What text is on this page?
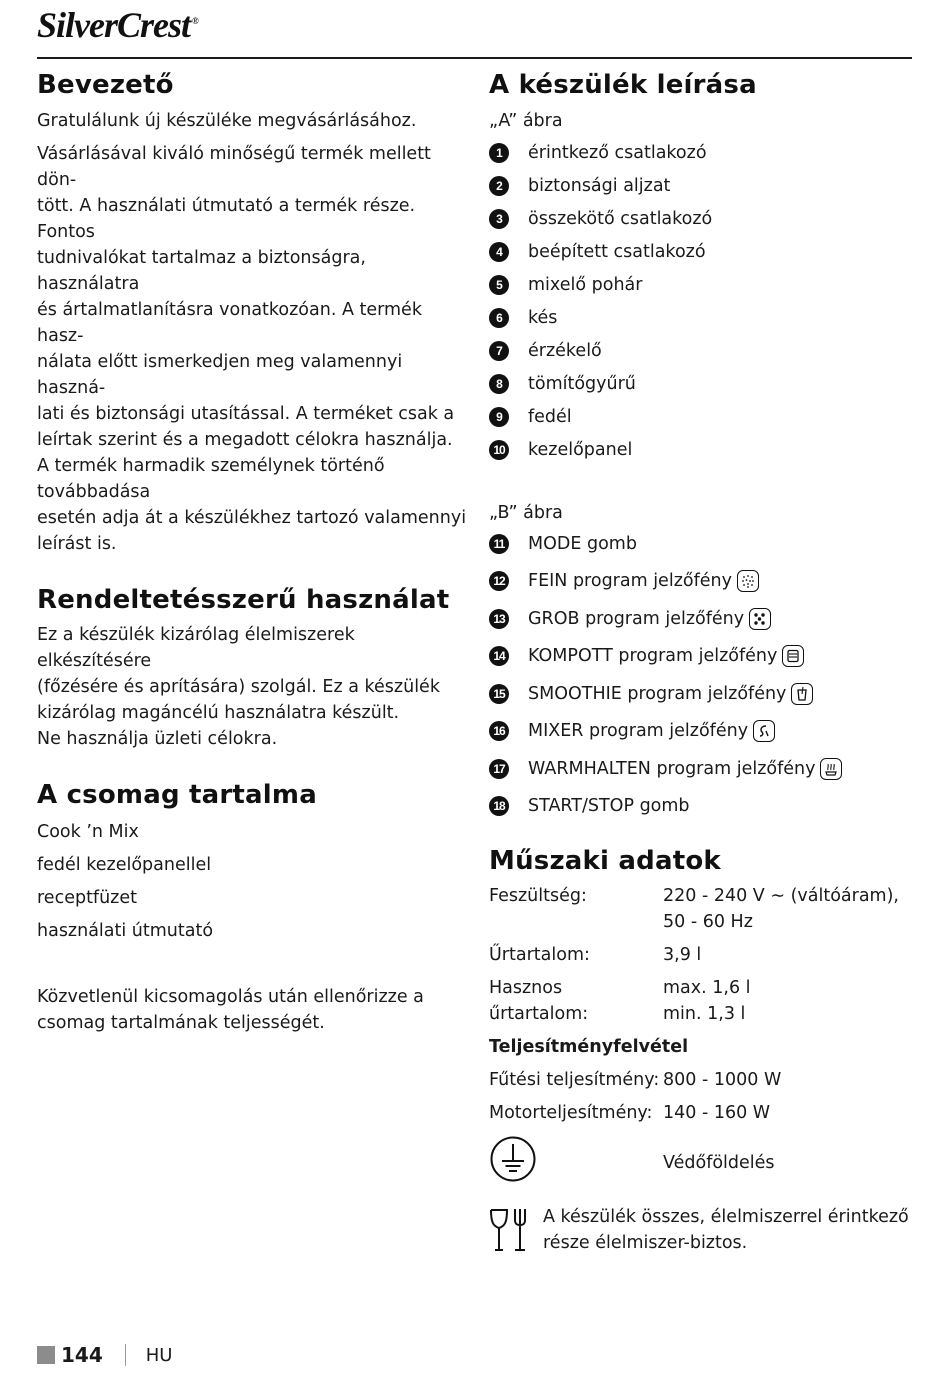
SilverCrest ®
Bevezető

Gratulálunk új készüléke megvásárlásához.

Vásárlásával kiváló minőségű termék mellett dön-

tött. A használati útmutató a termék része. Fontos

tudnivalókat tartalmaz a biztonságra, használatra

és ártalmatlanításra vonatkozóan. A termék hasz-

nálata előtt ismerkedjen meg valamennyi haszná-

lati és biztonsági utasítással. A terméket csak a

leírtak szerint és a megadott célokra használja.

A termék harmadik személynek történő továbbadása

esetén adja át a készülékhez tartozó valamennyi

leírást is.

Rendeltetésszerű használat

Ez a készülék kizárólag élelmiszerek elkészítésére

(főzésére és aprítására) szolgál. Ez a készülék

kizárólag magáncélú használatra készült.

Ne használja üzleti célokra.

A csomag tartalma

Cook ’n Mix

fedél kezelőpanellel

receptfüzet

használati útmutató

Közvetlenül kicsomagolás után ellenőrizze a

csomag tartalmának teljességét.

A készülék leírása

„A” ábra

1	érintkező csatlakozó
2	biztonsági aljzat
3	összekötő csatlakozó
4	beépített csatlakozó
5	mixelő pohár
6	kés
7	érzékelő
8	tömítőgyűrű
9	fedél
10 kezelőpanel

„B” ábra

11 MODE gomb
12 FEIN program jelzőfény
13 GROB program jelzőfény
14 KOMPOTT program jelzőfény
15 SMOOTHIE program jelzőfény
16 MIXER program jelzőfény
17 WARMHALTEN program jelzőfény
18 START/STOP gomb
Műszaki adatok
Feszültség:	220 - 240 V ∼ (váltóáram),
50 - 60 Hz
Űrtartalom:	3,9 l
Hasznos űrtartalom:
max. 1,6 l
min. 1,3 l
Teljesítményfelvétel
Fűtési teljesítmény: 800 - 1000 W
Motorteljesítmény: 140 - 160 W
Védőföldelés
A készülék összes, élelmiszerrel érintkező
része élelmiszer-biztos.
144 HU
